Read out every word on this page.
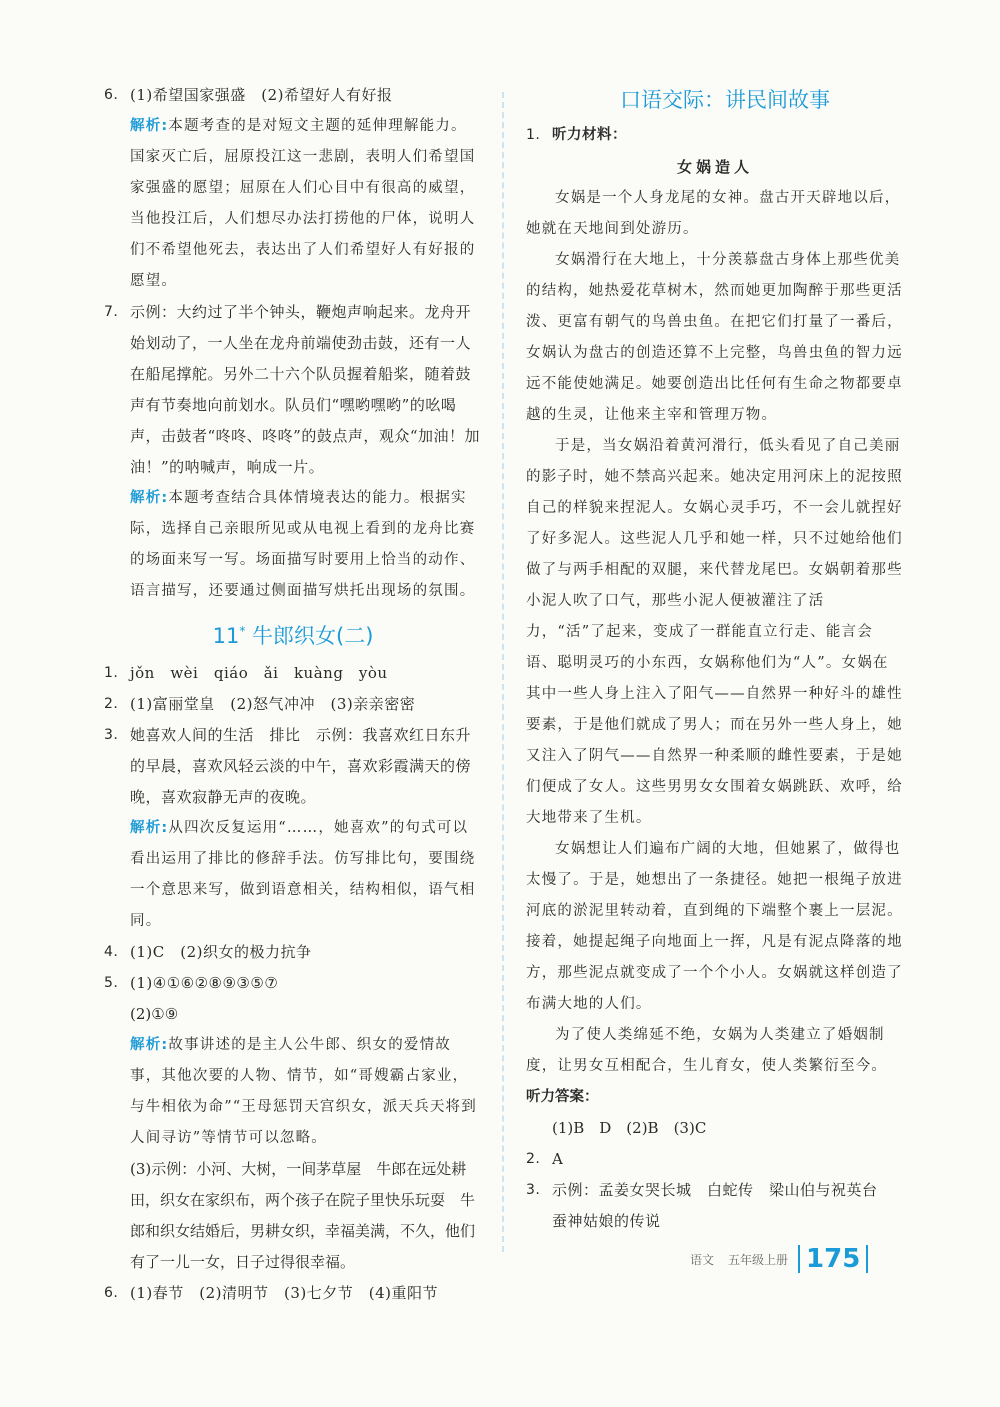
6. (1)希望国家强盛　(2)希望好人有好报
解析:本题考查的是对短文主题的延伸理解能力。国家灭亡后，屈原投江这一悲剧，表明人们希望国家强盛的愿望；屈原在人们心目中有很高的威望，当他投江后，人们想尽办法打捞他的尸体，说明人们不希望他死去，表达出了人们希望好人有好报的愿望。
7. 示例：大约过了半个钟头，鞭炮声响起来。龙舟开始划动了，一人坐在龙舟前端使劲击鼓，还有一人在船尾撑舵。另外二十六个队员握着船桨，随着鼓声有节奏地向前划水。队员们“嘿哟嘿哟”的吆喝声，击鼓者“咚咚、咚咚”的鼓点声，观众“加油！加油！”的呐喊声，响成一片。
解析:本题考查结合具体情境表达的能力。根据实际，选择自己亲眼所见或从电视上看到的龙舟比赛的场面来写一写。场面描写时要用上恰当的动作、语言描写，还要通过侧面描写烘托出现场的氛围。
11* 牛郎织女(二)
1. jǒn　wèi　qiáo　ǎi　kuàng　yòu
2. (1)富丽堂皇　(2)怒气冲冲　(3)亲亲密密
3. 她喜欢人间的生活　排比　示例：我喜欢红日东升的早晨，喜欢风轻云淡的中午，喜欢彩霞满天的傍晚，喜欢寂静无声的夜晚。
解析:从四次反复运用“……，她喜欢”的句式可以看出运用了排比的修辞手法。仿写排比句，要围绕一个意思来写，做到语意相关，结构相似，语气相同。
4. (1)C　(2)织女的极力抗争
5. (1)④①⑥②⑧⑨③⑤⑦
(2)①⑨
解析:故事讲述的是主人公牛郎、织女的爱情故事，其他次要的人物、情节，如“哥嫂霸占家业，与牛相依为命”“王母惩罚天宫织女，派天兵天将到人间寻访”等情节可以忽略。
(3)示例：小河、大树，一间茅草屋　牛郎在远处耕田，织女在家织布，两个孩子在院子里快乐玩耍　牛郎和织女结婚后，男耕女织，幸福美满，不久，他们有了一儿一女，日子过得很幸福。
6. (1)春节　(2)清明节　(3)七夕节　(4)重阳节
口语交际：讲民间故事
1. 听力材料：
女娲造人
女娲是一个人身龙尾的女神。盘古开天辟地以后，她就在天地间到处游历。
女娲滑行在大地上，十分羡慕盘古身体上那些优美的结构，她热爱花草树木，然而她更加陶醉于那些更活泼、更富有朝气的鸟兽虫鱼。在把它们打量了一番后，女娲认为盘古的创造还算不上完整，鸟兽虫鱼的智力远远不能使她满足。她要创造出比任何有生命之物都要卓越的生灵，让他来主宰和管理万物。
于是，当女娲沿着黄河滑行，低头看见了自己美丽的影子时，她不禁高兴起来。她决定用河床上的泥按照自己的样貌来捏泥人。女娲心灵手巧，不一会儿就捏好了好多泥人。这些泥人几乎和她一样，只不过她给他们做了与两手相配的双腿，来代替龙尾巴。女娲朝着那些小泥人吹了口气，那些小泥人便被灌注了活力，“活”了起来，变成了一群能直立行走、能言会语、聪明灵巧的小东西，女娲称他们为“人”。女娲在其中一些人身上注入了阳气——自然界一种好斗的雄性要素，于是他们就成了男人；而在另外一些人身上，她又注入了阴气——自然界一种柔顺的雌性要素，于是她们便成了女人。这些男男女女围着女娲跳跃、欢呼，给大地带来了生机。
女娲想让人们遍布广阔的大地，但她累了，做得也太慢了。于是，她想出了一条捷径。她把一根绳子放进河底的淤泥里转动着，直到绳的下端整个裹上一层泥。接着，她提起绳子向地面上一挥，凡是有泥点降落的地方，那些泥点就变成了一个个小人。女娲就这样创造了布满大地的人们。
为了使人类绵延不绝，女娲为人类建立了婚姻制度，让男女互相配合，生儿育女，使人类繁衍至今。
听力答案：
(1)B　D　(2)B　(3)C
2. A
3. 示例：孟姜女哭长城　白蛇传　梁山伯与祝英台　蚕神姑娘的传说
语文 五年级上册 175
